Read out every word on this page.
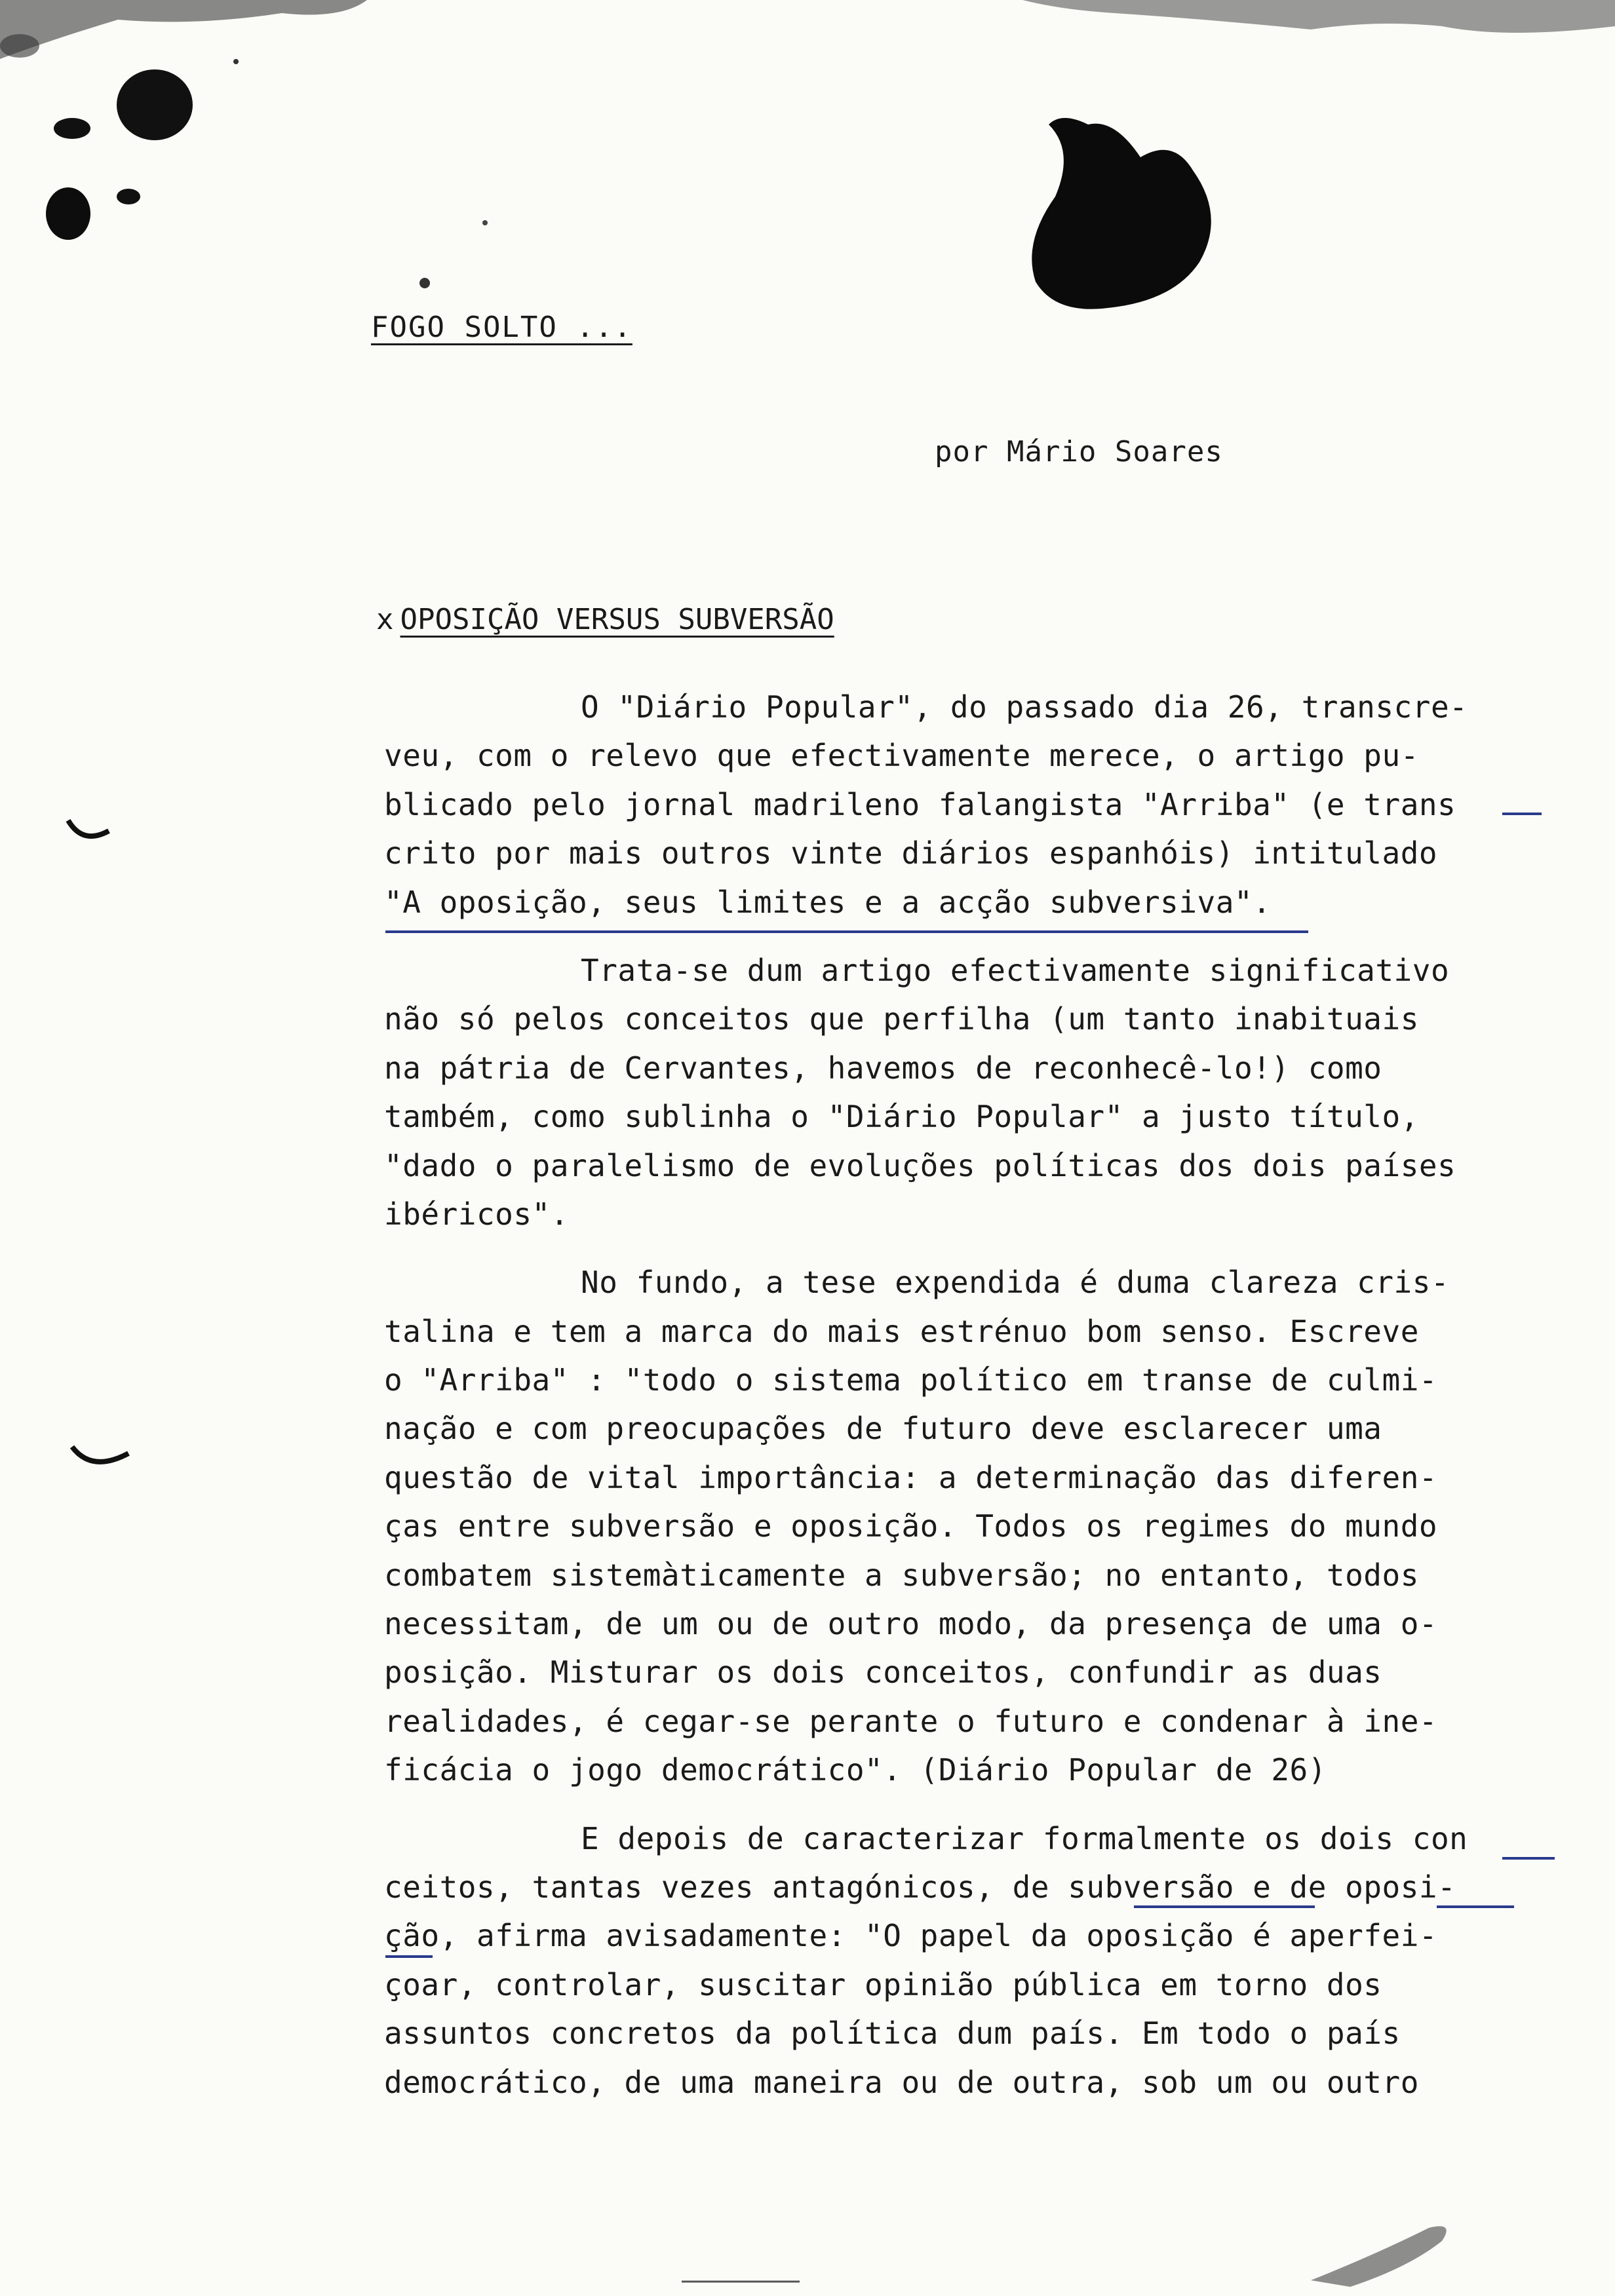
FOGO SOLTO ...
por Mário Soares
x OPOSIÇÃO VERSUS SUBVERSÃO
O "Diário Popular", do passado dia 26, transcre-
veu, com o relevo que efectivamente merece, o artigo pu-
blicado pelo jornal madrileno falangista "Arriba" (e trans
crito por mais outros vinte diários espanhóis) intitulado
"A oposição, seus limites e a acção subversiva".
Trata-se dum artigo efectivamente significativo
não só pelos conceitos que perfilha (um tanto inabituais
na pátria de Cervantes, havemos de reconhecê-lo!) como
também, como sublinha o "Diário Popular" a justo título,
"dado o paralelismo de evoluções políticas dos dois países
ibéricos".
No fundo, a tese expendida é duma clareza cris-
talina e tem a marca do mais estrénuo bom senso. Escreve
o "Arriba" : "todo o sistema político em transe de culmi-
nação e com preocupações de futuro deve esclarecer uma
questão de vital importância: a determinação das diferen-
ças entre subversão e oposição. Todos os regimes do mundo
combatem sistemàticamente a subversão; no entanto, todos
necessitam, de um ou de outro modo, da presença de uma o-
posição. Misturar os dois conceitos, confundir as duas
realidades, é cegar-se perante o futuro e condenar à ine-
ficácia o jogo democrático". (Diário Popular de 26)
E depois de caracterizar formalmente os dois con
ceitos, tantas vezes antagónicos, de subversão e de oposi-
ção, afirma avisadamente: "O papel da oposição é aperfei-
çoar, controlar, suscitar opinião pública em torno dos
assuntos concretos da política dum país. Em todo o país
democrático, de uma maneira ou de outra, sob um ou outro
